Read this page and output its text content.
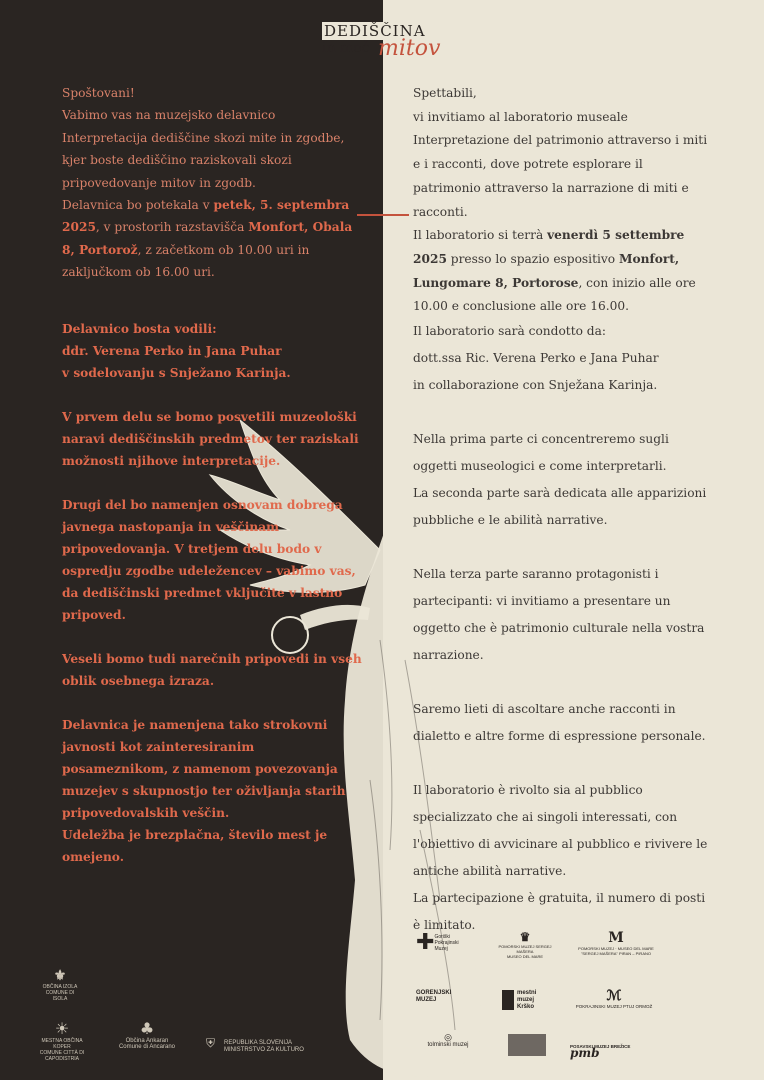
DEDIŠČINA
in moč mitov

Spoštovani!

Vabimo vas na muzejsko delavnico

Interpretacija dediščine skozi mite in zgodbe, kjer boste dediščino raziskovali skozi pripovedovanje mitov in zgodb.

Delavnica bo potekala v petek, 5. septembra 2025, v prostorih razstavišča Monfort, Obala 8, Portorož, z začetkom ob 10.00 uri in zaključkom ob 16.00 uri.

Delavnico bosta vodili:
ddr. Verena Perko in Jana Puhar
v sodelovanju s Snježano Karinja.

V prvem delu se bomo posvetili muzeološki naravi dediščinskih predmetov ter raziskali možnosti njihove interpretacije.

Drugi del bo namenjen osnovam dobrega javnega nastopanja in veščinam pripovedovanja. V tretjem delu bodo v ospredju zgodbe udeležencev – vabimo vas, da dediščinski predmet vključite v lastno pripoved.

Veseli bomo tudi narečnih pripovedi in vseh oblik osebnega izraza.

Delavnica je namenjena tako strokovni javnosti kot zainteresiranim posameznikom, z namenom povezovanja muzejev s skupnostjo ter oživljanja starih pripovedovalskih veščin.
Udeležba je brezplačna, število mest je omejeno.

Spettabili,

vi invitiamo al laboratorio museale

Interpretazione del patrimonio attraverso i miti e i racconti, dove potrete esplorare il patrimonio attraverso la narrazione di miti e racconti.

Il laboratorio si terrà venerdì 5 settembre 2025 presso lo spazio espositivo Monfort, Lungomare 8, Portorose, con inizio alle ore 10.00 e conclusione alle ore 16.00.

Il laboratorio sarà condotto da:
dott.ssa Ric. Verena Perko e Jana Puhar
in collaborazione con Snježana Karinja.

Nella prima parte ci concentreremo sugli oggetti museologici e come interpretarli.
La seconda parte sarà dedicata alle apparizioni pubbliche e le abilità narrative.

Nella terza parte saranno protagonisti i partecipanti: vi invitiamo a presentare un oggetto che è patrimonio culturale nella vostra narrazione.

Saremo lieti di ascoltare anche racconti in dialetto e altre forme di espressione personale.

Il laboratorio è rivolto sia al pubblico specializzato che ai singoli interessati, con l'obiettivo di avvicinare al pubblico e rivivere le antiche abilità narrative.
La partecipazione è gratuita, il numero di posti è limitato.

⚜
OBČINA IZOLA
COMUNE DI ISOLA
☀
MESTNA OBČINA KOPER
COMUNE CITTÀ DI CAPODISTRIA
♣
Občina Ankaran
Comune di Ancarano	⛨ REPUBLIKA SLOVENIJA
MINISTRSTVO ZA KULTURO
✚ Goriški
Pokrajinski
Muzej
♛
POMORSKI MUZEJ SERGEJ MAŠERA
MUSEO DEL MARE
M
POMORSKI MUZEJ · MUSEO DEL MARE
"SERGEJ MAŠERA" PIRAN – PIRANO
GORENJSKI
MUZEJ
mestni
muzej
Krško
ℳ
POKRAJINSKI MUZEJ PTUJ ORMOŽ
◎
tolminski muzej	POSAVSKI MUZEJ BREŽICE pmb
